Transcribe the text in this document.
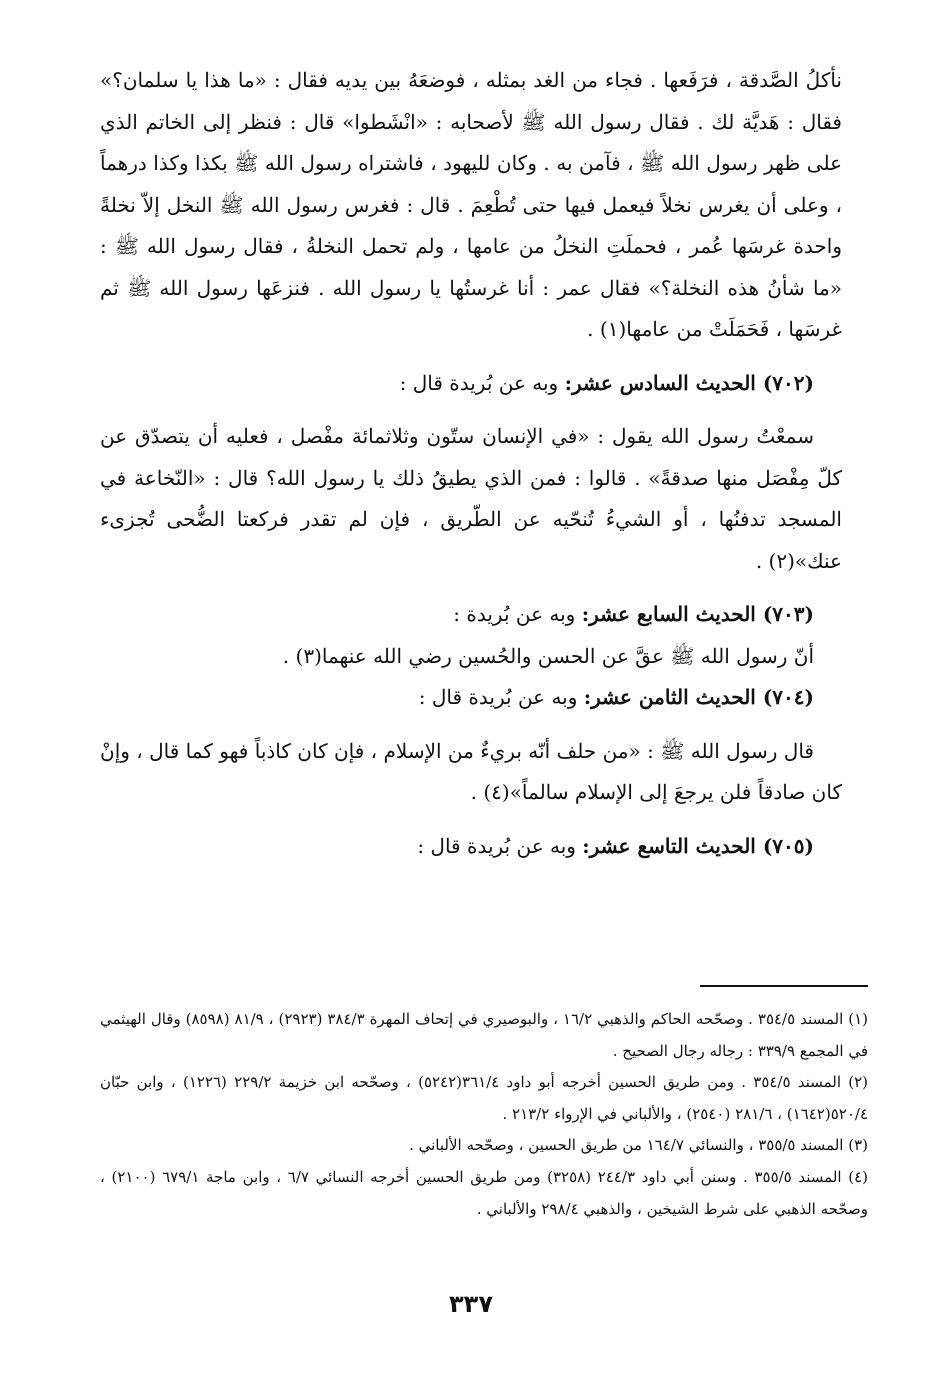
نأكلُ الصَّدقة ، فرَفَعها . فجاء من الغد بمثله ، فوضعَهُ بين يديه فقال : «ما هذا يا سلمان؟» فقال : هَديَّة لك . فقال رسول الله ﷺ لأصحابه : «انْشَطوا» قال : فنظر إلى الخاتم الذي على ظهر رسول الله ﷺ ، فآمن به . وكان لليهود ، فاشتراه رسول الله ﷺ بكذا وكذا درهماً ، وعلى أن يغرس نخلاً فيعمل فيها حتى تُطْعِمَ . قال : فغرس رسول الله ﷺ النخل إلاّ نخلةً واحدة غرسَها عُمر ، فحملَتِ النخلُ من عامها ، ولم تحمل النخلةُ ، فقال رسول الله ﷺ : «ما شأنُ هذه النخلة؟» فقال عمر : أنا غرستُها يا رسول الله . فنزعَها رسول الله ﷺ ثم غرسَها ، فَحَمَلَتْ من عامها(١) .

(٧٠٢) الحديث السادس عشر: وبه عن بُريدة قال :

سمعْتُ رسول الله يقول : «في الإنسان ستّون وثلاثمائة مفْصل ، فعليه أن يتصدّق عن كلّ مِفْصَل منها صدقةً» . قالوا : فمن الذي يطيقُ ذلك يا رسول الله؟ قال : «النّخاعة في المسجد تدفنُها ، أو الشيءُ تُنحّيه عن الطّريق ، فإن لم تقدر فركعتا الضُّحى تُجزىء عنك»(٢) .

(٧٠٣) الحديث السابع عشر: وبه عن بُريدة :

أنّ رسول الله ﷺ عقَّ عن الحسن والحُسين رضي الله عنهما(٣) .

(٧٠٤) الحديث الثامن عشر: وبه عن بُريدة قال :

قال رسول الله ﷺ : «من حلف أنّه بريءٌ من الإسلام ، فإن كان كاذباً فهو كما قال ، وإنْ كان صادقاً فلن يرجعَ إلى الإسلام سالماً»(٤) .

(٧٠٥) الحديث التاسع عشر: وبه عن بُريدة قال :

(١) المسند ٣٥٤/٥ . وصحّحه الحاكم والذهبي ١٦/٢ ، والبوصيري في إتحاف المهرة ٣٨٤/٣ (٢٩٢٣) ، ٨١/٩ (٨٥٩٨) وقال الهيثمي في المجمع ٣٣٩/٩ : رجاله رجال الصحيح .

(٢) المسند ٣٥٤/٥ . ومن طريق الحسين أخرجه أبو داود ٣٦١/٤(٥٢٤٢) ، وصحّحه ابن خزيمة ٢٢٩/٢ (١٢٢٦) ، وابن حبّان ٥٢٠/٤(١٦٤٢) ، ٢٨١/٦ (٢٥٤٠) ، والألباني في الإرواء ٢١٣/٢ .

(٣) المسند ٣٥٥/٥ ، والنسائي ١٦٤/٧ من طريق الحسين ، وصحّحه الألباني .

(٤) المسند ٣٥٥/٥ . وسنن أبي داود ٢٤٤/٣ (٣٢٥٨) ومن طريق الحسين أخرجه النسائي ٦/٧ ، وابن ماجة ٦٧٩/١ (٢١٠٠) ، وصحّحه الذهبي على شرط الشيخين ، والذهبي ٢٩٨/٤ والألباني .

٣٣٧
